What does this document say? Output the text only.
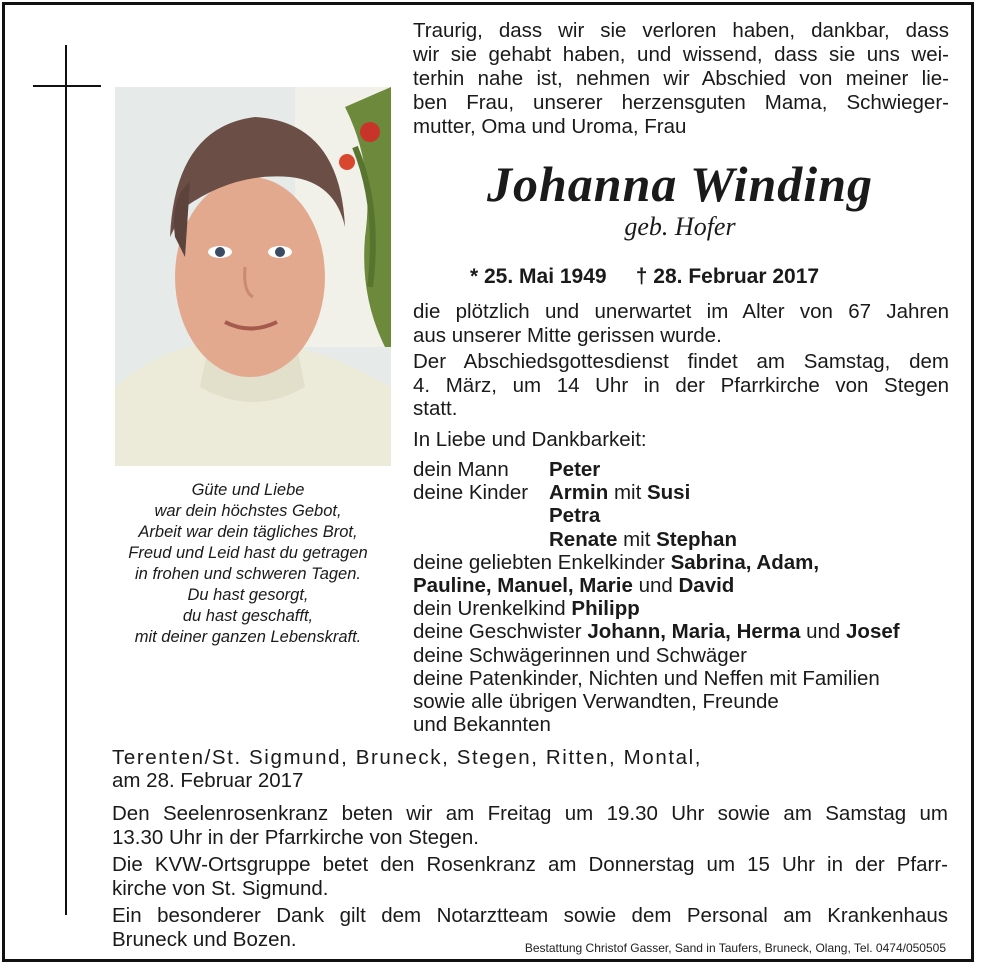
Traurig, dass wir sie verloren haben, dankbar, dass
wir sie gehabt haben, und wissend, dass sie uns wei-
terhin nahe ist, nehmen wir Abschied von meiner lie-
ben Frau, unserer herzensguten Mama, Schwieger-
mutter, Oma und Uroma, Frau
Johanna Winding
geb. Hofer
* 25. Mai 1949 † 28. Februar 2017
die plötzlich und unerwartet im Alter von 67 Jahren
aus unserer Mitte gerissen wurde.
Der Abschiedsgottesdienst findet am Samstag, dem
4. März, um 14 Uhr in der Pfarrkirche von Stegen
statt.
In Liebe und Dankbarkeit:
dein Mann Peter
deine Kinder Armin mit Susi
Petra
Renate mit Stephan
deine geliebten Enkelkinder Sabrina, Adam,
Pauline, Manuel, Marie und David
dein Urenkelkind Philipp
deine Geschwister Johann, Maria, Herma und Josef
deine Schwägerinnen und Schwäger
deine Patenkinder, Nichten und Neffen mit Familien
sowie alle übrigen Verwandten, Freunde
und Bekannten
Güte und Liebe
war dein höchstes Gebot,
Arbeit war dein tägliches Brot,
Freud und Leid hast du getragen
in frohen und schweren Tagen.
Du hast gesorgt,
du hast geschafft,
mit deiner ganzen Lebenskraft.
Terenten/St. Sigmund, Bruneck, Stegen, Ritten, Montal,
am 28. Februar 2017
Den Seelenrosenkranz beten wir am Freitag um 19.30 Uhr sowie am Samstag um
13.30 Uhr in der Pfarrkirche von Stegen.
Die KVW-Ortsgruppe betet den Rosenkranz am Donnerstag um 15 Uhr in der Pfarr-
kirche von St. Sigmund.
Ein besonderer Dank gilt dem Notarztteam sowie dem Personal am Krankenhaus
Bruneck und Bozen.	Bestattung Christof Gasser, Sand in Taufers, Bruneck, Olang, Tel. 0474/050505
